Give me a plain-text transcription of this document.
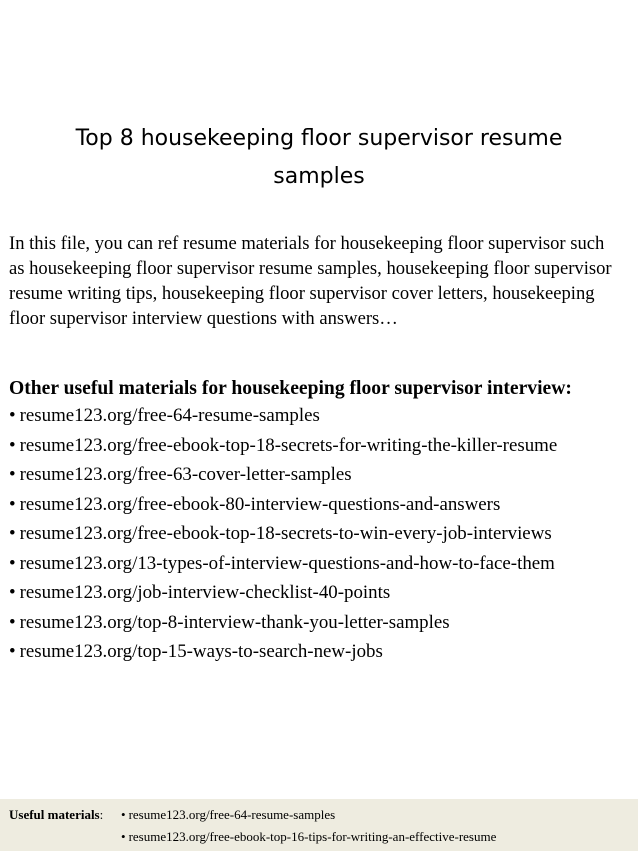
Top 8 housekeeping floor supervisor resume samples

In this file, you can ref resume materials for housekeeping floor supervisor such as housekeeping floor supervisor resume samples, housekeeping floor supervisor resume writing tips, housekeeping floor supervisor cover letters, housekeeping floor supervisor interview questions with answers…

Other useful materials for housekeeping floor supervisor interview:

• resume123.org/free-64-resume-samples
• resume123.org/free-ebook-top-18-secrets-for-writing-the-killer-resume
• resume123.org/free-63-cover-letter-samples
• resume123.org/free-ebook-80-interview-questions-and-answers
• resume123.org/free-ebook-top-18-secrets-to-win-every-job-interviews
• resume123.org/13-types-of-interview-questions-and-how-to-face-them
• resume123.org/job-interview-checklist-40-points
• resume123.org/top-8-interview-thank-you-letter-samples
• resume123.org/top-15-ways-to-search-new-jobs
Useful materials: • resume123.org/free-64-resume-samples
• resume123.org/free-ebook-top-16-tips-for-writing-an-effective-resume
